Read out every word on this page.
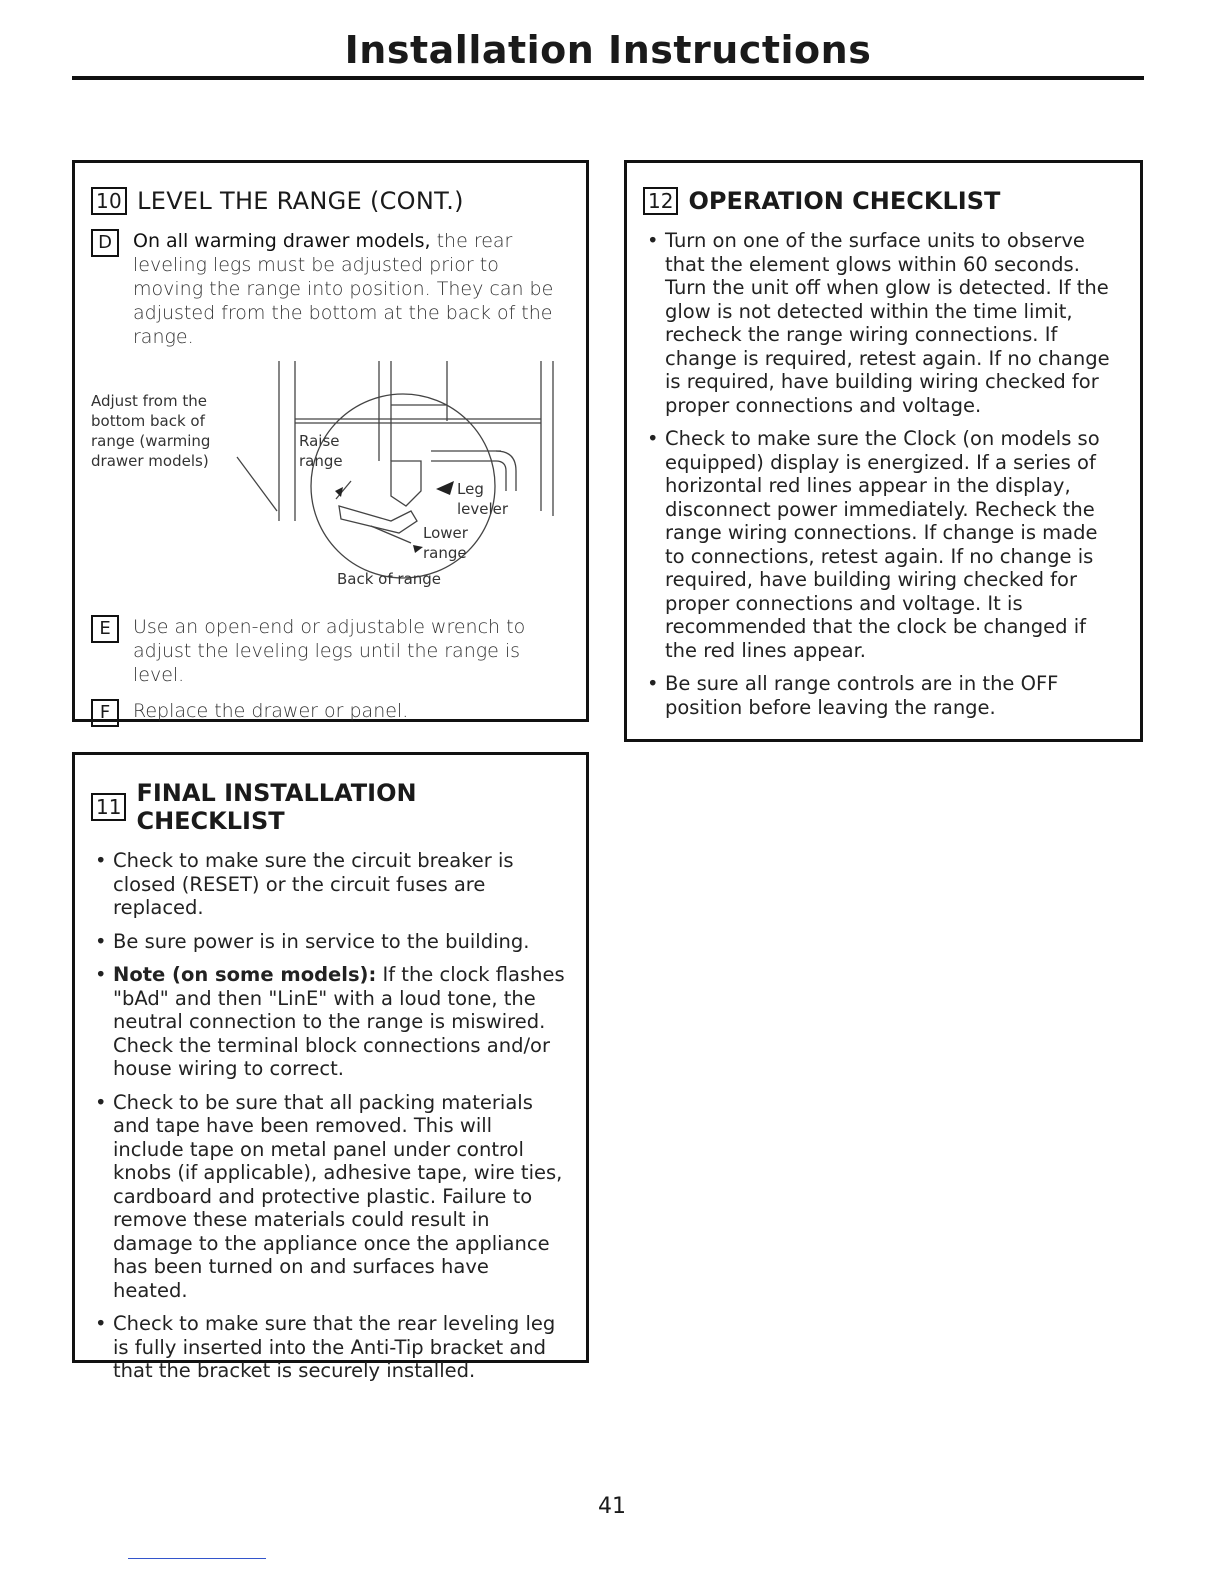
Installation Instructions
10 LEVEL THE RANGE (CONT.)
D	On all warming drawer models, the rear leveling legs must be adjusted prior to moving the range into position. They can be adjusted from the bottom at the back of the range.
Adjust from the bottom back of range (warming drawer models)
Raise range
Leg leveler
Lower range
Back of range
E	Use an open-end or adjustable wrench to adjust the leveling legs until the range is level.
F	Replace the drawer or panel.
11 FINAL INSTALLATION CHECKLIST
• Check to make sure the circuit breaker is closed (RESET) or the circuit fuses are replaced.
• Be sure power is in service to the building.
• Note (on some models): If the clock flashes "bAd" and then "LinE" with a loud tone, the neutral connection to the range is miswired. Check the terminal block connections and/or house wiring to correct.
• Check to be sure that all packing materials and tape have been removed. This will include tape on metal panel under control knobs (if applicable), adhesive tape, wire ties, cardboard and protective plastic. Failure to remove these materials could result in damage to the appliance once the appliance has been turned on and surfaces have heated.
• Check to make sure that the rear leveling leg is fully inserted into the Anti-Tip bracket and that the bracket is securely installed.
12 OPERATION CHECKLIST
• Turn on one of the surface units to observe that the element glows within 60 seconds. Turn the unit off when glow is detected. If the glow is not detected within the time limit, recheck the range wiring connections. If change is required, retest again. If no change is required, have building wiring checked for proper connections and voltage.
• Check to make sure the Clock (on models so equipped) display is energized. If a series of horizontal red lines appear in the display, disconnect power immediately. Recheck the range wiring connections. If change is made to connections, retest again. If no change is required, have building wiring checked for proper connections and voltage. It is recommended that the clock be changed if the red lines appear.
• Be sure all range controls are in the OFF position before leaving the range.
41
